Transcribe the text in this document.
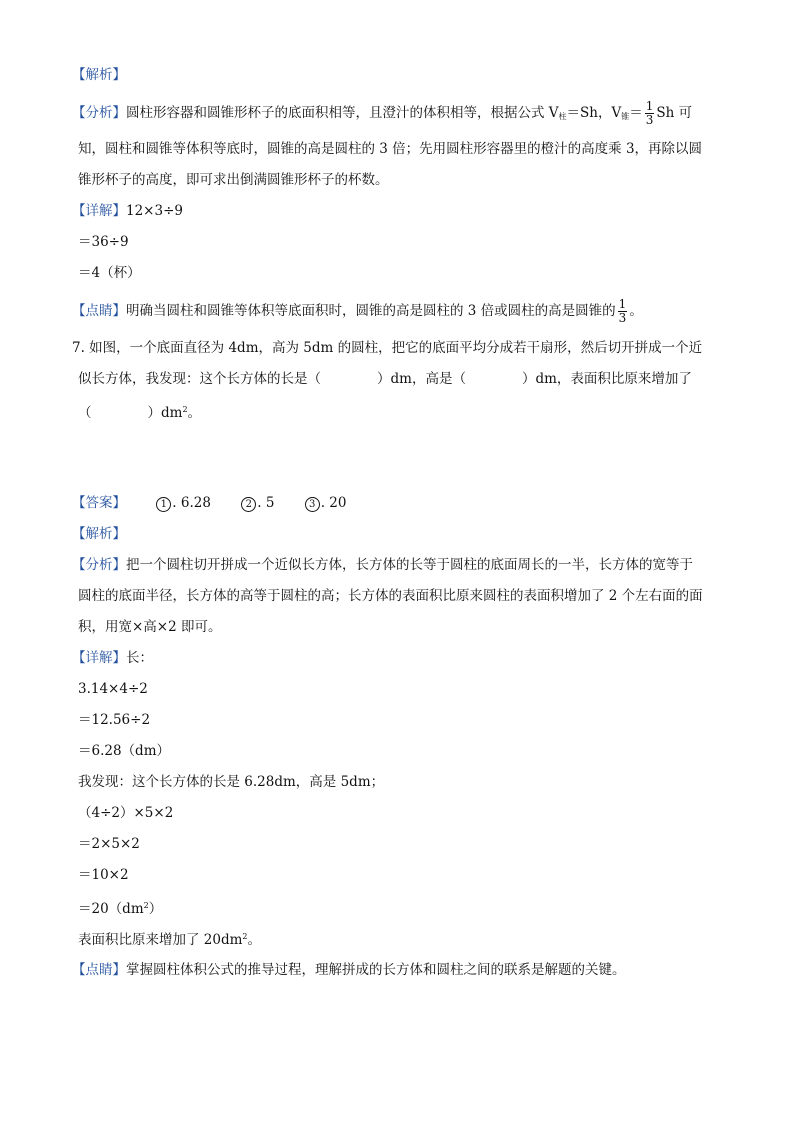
【解析】
【分析】圆柱形容器和圆锥形杯子的底面积相等，且澄汁的体积相等，根据公式 $V_柱=Sh$，$V_锥= \frac{1}{3}$ Sh 可
知，圆柱和圆锥等体积等底时，圆锥的高是圆柱的 3 倍；先用圆柱形容器里的橙汁的高度乘 3，再除以圆
锥形杯子的高度，即可求出倒满圆锥形杯子的杯数。
【详解】12×3÷9
＝36÷9
＝4（杯）
【点睛】明确当圆柱和圆锥等体积等底面积时，圆锥的高是圆柱的 3 倍或圆柱的高是圆锥的 $\frac{1}{3}$ 。
7. 如图，一个底面直径为 4dm，高为 5dm 的圆柱，把它的底面平均分成若干扇形，然后切开拼成一个近
似长方体，我发现：这个长方体的长是（	）dm，高是（	）dm，表面积比原来增加了
（	）$dm^2$。
【答案】	1 . 6.28	2 . 5	3 . 20
【解析】
【分析】把一个圆柱切开拼成一个近似长方体，长方体的长等于圆柱的底面周长的一半，长方体的宽等于
圆柱的底面半径，长方体的高等于圆柱的高；长方体的表面积比原来圆柱的表面积增加了 2 个左右面的面
积，用宽×高×2 即可。
【详解】长：
3.14×4÷2
＝12.56÷2
＝6.28（dm）
我发现：这个长方体的长是 6.28dm，高是 5dm；
（4÷2）×5×2
＝2×5×2
＝10×2
$=20(dm^2)$
表面积比原来增加了 $20dm^2$。
【点睛】掌握圆柱体积公式的推导过程，理解拼成的长方体和圆柱之间的联系是解题的关键。
